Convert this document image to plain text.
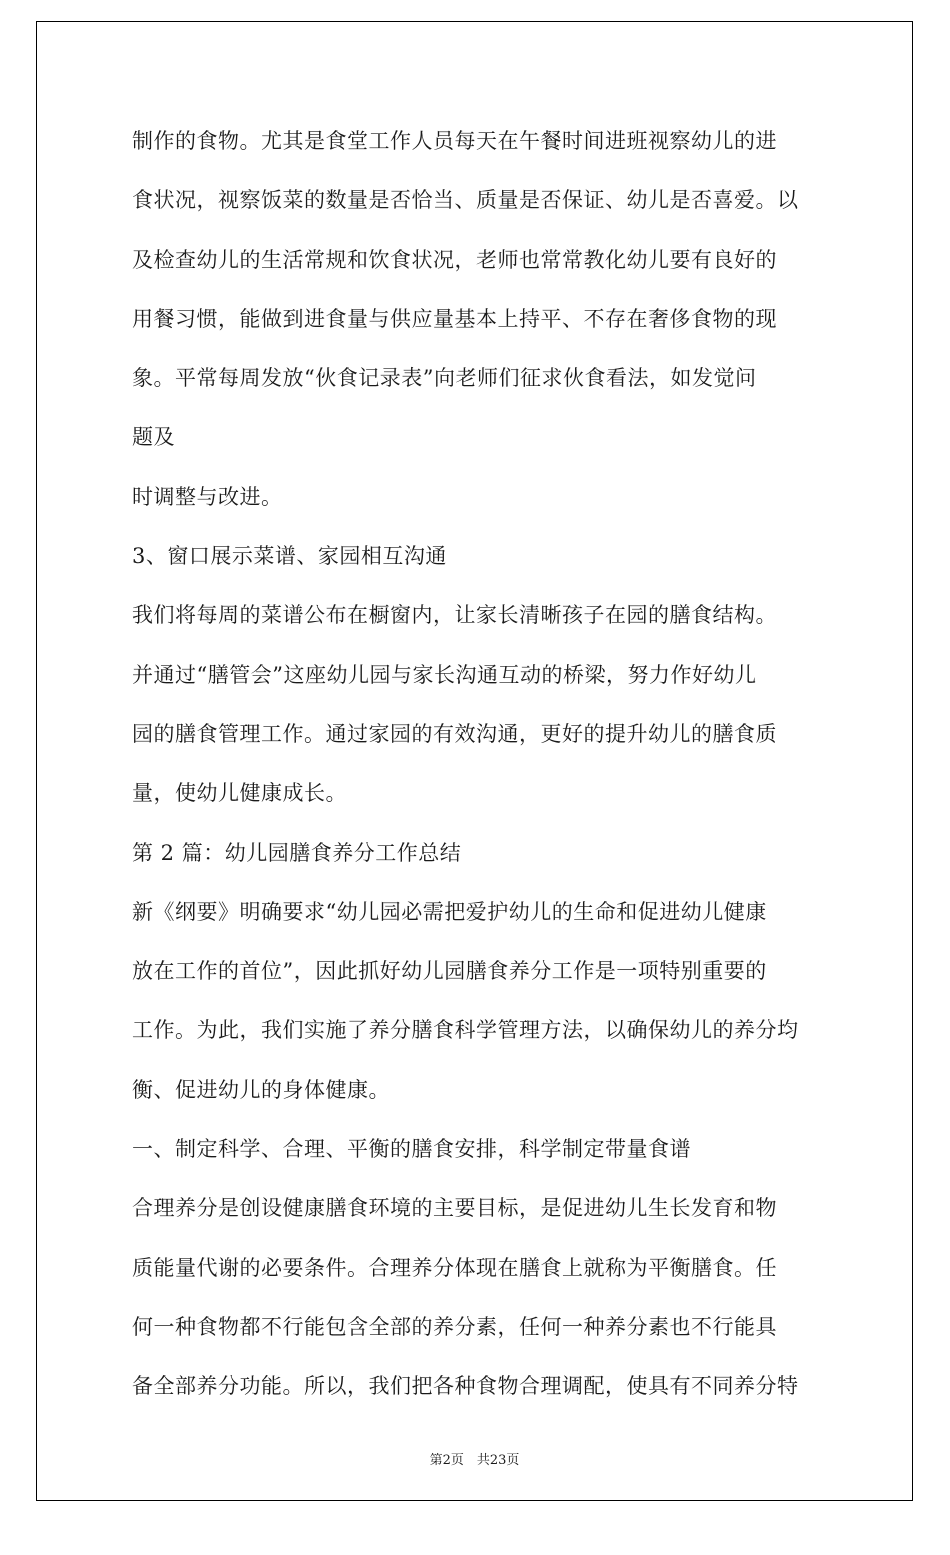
制作的食物。尤其是食堂工作人员每天在午餐时间进班视察幼儿的进
食状况，视察饭菜的数量是否恰当、质量是否保证、幼儿是否喜爱。以
及检查幼儿的生活常规和饮食状况，老师也常常教化幼儿要有良好的
用餐习惯，能做到进食量与供应量基本上持平、不存在奢侈食物的现
象。平常每周发放“伙食记录表”向老师们征求伙食看法，如发觉问
题及
时调整与改进。
3、窗口展示菜谱、家园相互沟通
我们将每周的菜谱公布在橱窗内，让家长清晰孩子在园的膳食结构。
并通过“膳管会”这座幼儿园与家长沟通互动的桥梁，努力作好幼儿
园的膳食管理工作。通过家园的有效沟通，更好的提升幼儿的膳食质
量，使幼儿健康成长。
第 2 篇：幼儿园膳食养分工作总结
新《纲要》明确要求“幼儿园必需把爱护幼儿的生命和促进幼儿健康
放在工作的首位”，因此抓好幼儿园膳食养分工作是一项特别重要的
工作。为此，我们实施了养分膳食科学管理方法，以确保幼儿的养分均
衡、促进幼儿的身体健康。
一、制定科学、合理、平衡的膳食安排，科学制定带量食谱
合理养分是创设健康膳食环境的主要目标，是促进幼儿生长发育和物
质能量代谢的必要条件。合理养分体现在膳食上就称为平衡膳食。任
何一种食物都不行能包含全部的养分素，任何一种养分素也不行能具
备全部养分功能。所以，我们把各种食物合理调配，使具有不同养分特
第2页　共23页
